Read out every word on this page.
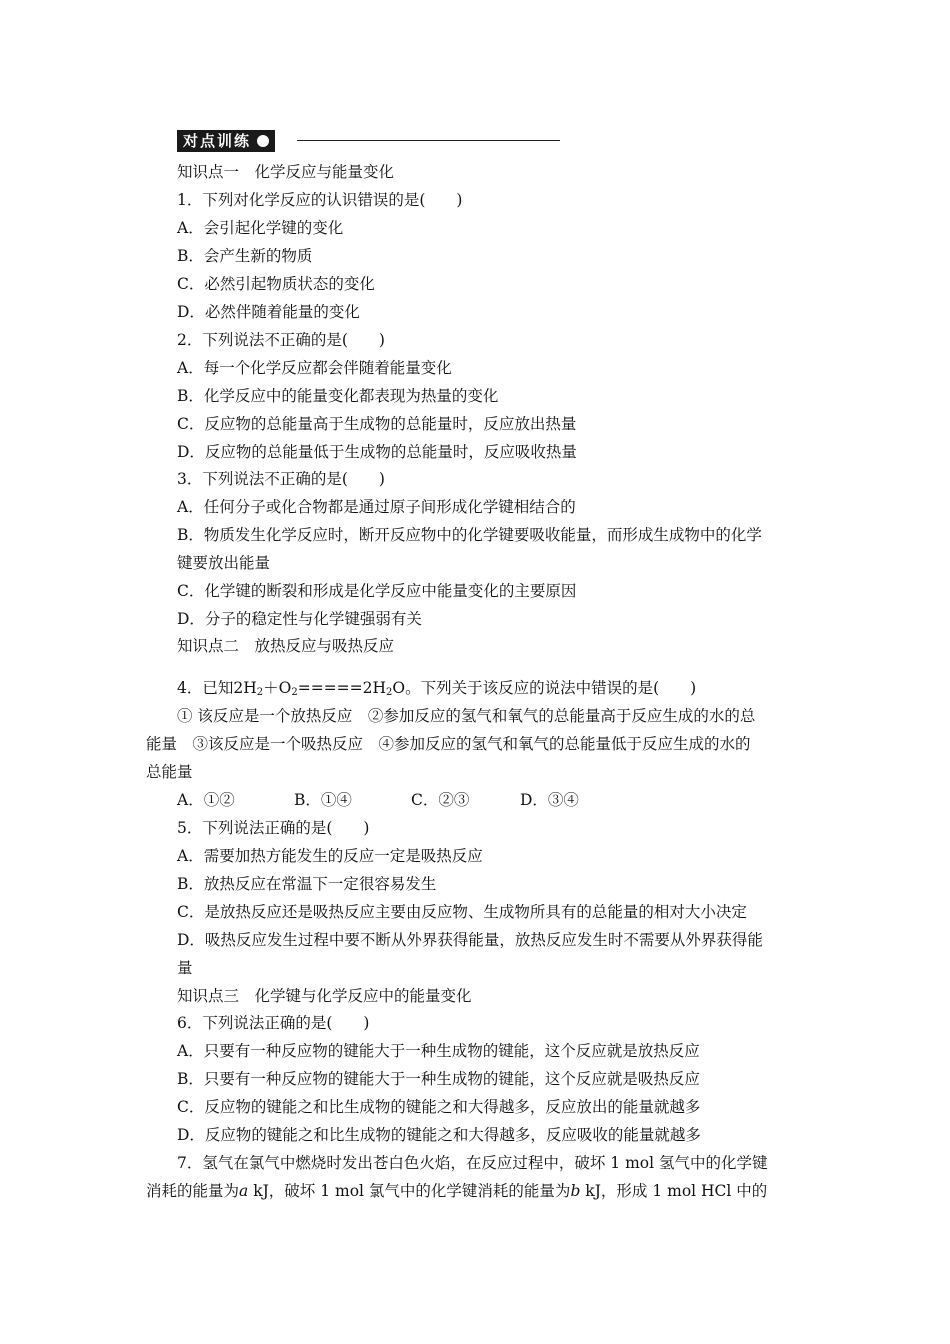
对点训练
知识点一　化学反应与能量变化
1．下列对化学反应的认识错误的是(　　)
A．会引起化学键的变化
B．会产生新的物质
C．必然引起物质状态的变化
D．必然伴随着能量的变化
2．下列说法不正确的是(　　)
A．每一个化学反应都会伴随着能量变化
B．化学反应中的能量变化都表现为热量的变化
C．反应物的总能量高于生成物的总能量时，反应放出热量
D．反应物的总能量低于生成物的总能量时，反应吸收热量
3．下列说法不正确的是(　　)
A．任何分子或化合物都是通过原子间形成化学键相结合的
B．物质发生化学反应时，断开反应物中的化学键要吸收能量，而形成生成物中的化学
键要放出能量
C．化学键的断裂和形成是化学反应中能量变化的主要原因
D．分子的稳定性与化学键强弱有关
知识点二　放热反应与吸热反应
4．已知$2H_2+O_2=====2H_2O$。下列关于该反应的说法中错误的是(　　)
① 该反应是一个放热反应　②参加反应的氢气和氧气的总能量高于反应生成的水的总
能量　③该反应是一个吸热反应　④参加反应的氢气和氧气的总能量低于反应生成的水的
总能量
A．①②	B．①④	C．②③	D．③④
5．下列说法正确的是(　　)
A．需要加热方能发生的反应一定是吸热反应
B．放热反应在常温下一定很容易发生
C．是放热反应还是吸热反应主要由反应物、生成物所具有的总能量的相对大小决定
D．吸热反应发生过程中要不断从外界获得能量，放热反应发生时不需要从外界获得能
量
知识点三　化学键与化学反应中的能量变化
6．下列说法正确的是(　　)
A．只要有一种反应物的键能大于一种生成物的键能，这个反应就是放热反应
B．只要有一种反应物的键能大于一种生成物的键能，这个反应就是吸热反应
C．反应物的键能之和比生成物的键能之和大得越多，反应放出的能量就越多
D．反应物的键能之和比生成物的键能之和大得越多，反应吸收的能量就越多
7．氢气在氯气中燃烧时发出苍白色火焰，在反应过程中，破坏 1 mol 氢气中的化学键
消耗的能量为a kJ，破坏 1 mol 氯气中的化学键消耗的能量为b kJ，形成 1 mol HCl 中的
